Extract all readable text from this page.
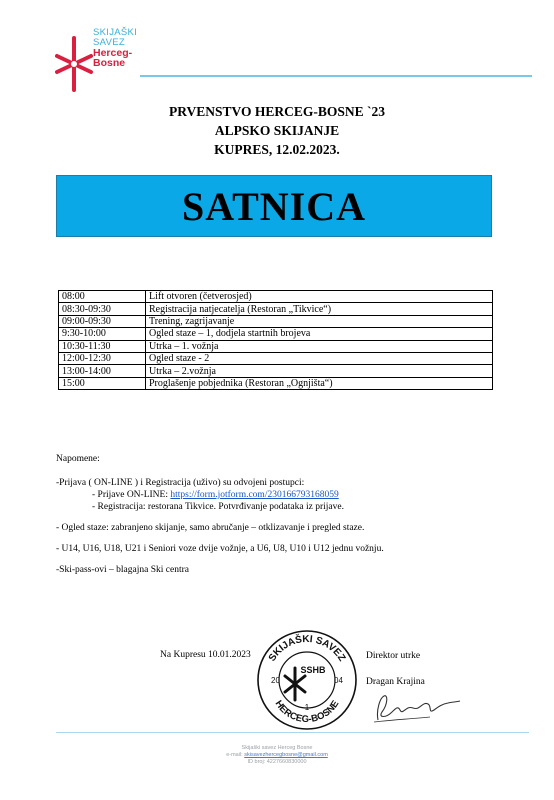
SKIJAŠKI
SAVEZ
Herceg-
Bosne
PRVENSTVO HERCEG-BOSNE `23
ALPSKO SKIJANJE
KUPRES, 12.02.2023.
SATNICA
08:00	Lift otvoren (četverosjed)
08:30-09:30	Registracija natjecatelja (Restoran „Tikvice“)
09:00-09:30	Trening, zagrijavanje
9:30-10:00	Ogled staze – 1, dodjela startnih brojeva
10:30-11:30	Utrka – 1. vožnja
12:00-12:30	Ogled staze - 2
13:00-14:00	Utrka – 2.vožnja
15:00	Proglašenje pobjednika (Restoran „Ognjišta“)

Napomene:

-Prijava ( ON-LINE ) i Registracija (uživo) su odvojeni postupci:

- Prijave ON-LINE: https://form.jotform.com/230166793168059

- Registracija: restorana Tikvice. Potvrđivanje podataka iz prijave.

- Ogled staze: zabranjeno skijanje, samo abručanje – otklizavanje i pregled staze.

- U14, U16, U18, U21 i Seniori voze dvije vožnje, a U6, U8, U10 i U12 jednu vožnju.

-Ski-pass-ovi – blagajna Ski centra

Na Kupresu 10.01.2023	Direktor utrke
Dragan Krajina
SKIJAŠKI SAVEZ
HERCEG-BOSNE
SSHB
20	04
1
Skijaški savez Herceg Bosne
e-mail: skisavezhercegbosne@gmail.com
ID broj: 4227660830000
